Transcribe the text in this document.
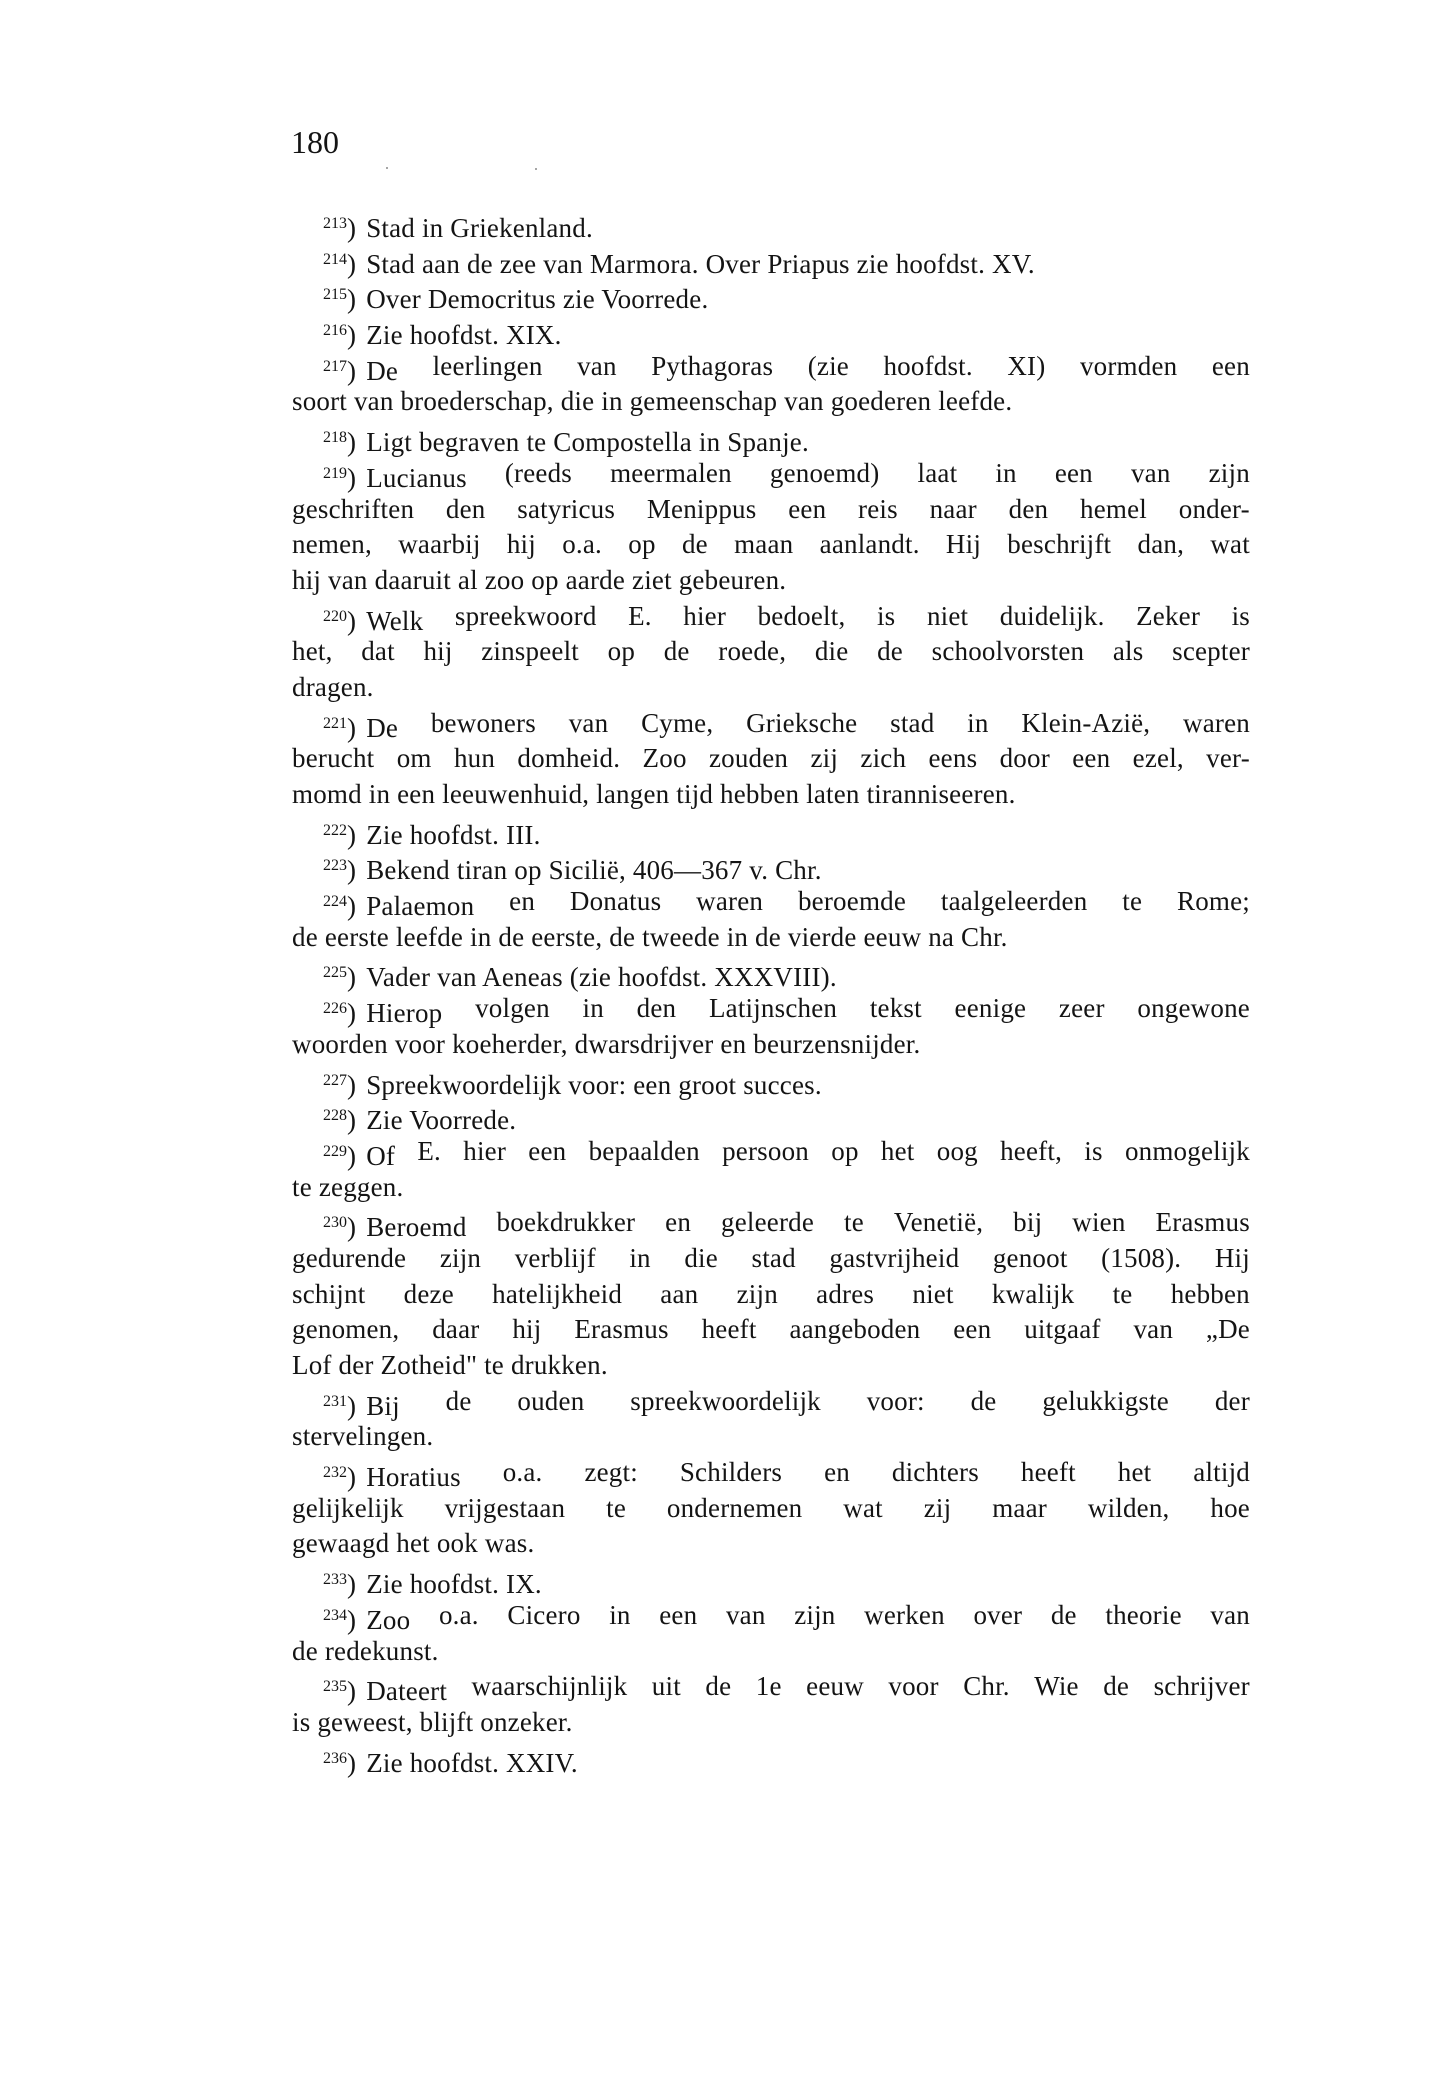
180
$^{213}$) Stad in Griekenland.
$^{214}$) Stad aan de zee van Marmora. Over Priapus zie hoofdst. XV.
$^{215}$) Over Democritus zie Voorrede.
$^{216}$) Zie hoofdst. XIX.
$^{217}$) De leerlingen van Pythagoras (zie hoofdst. XI) vormden een
soort van broederschap, die in gemeenschap van goederen leefde.
$^{218}$) Ligt begraven te Compostella in Spanje.
$^{219}$) Lucianus (reeds meermalen genoemd) laat in een van zijn
geschriften den satyricus Menippus een reis naar den hemel onder-
nemen, waarbij hij o.a. op de maan aanlandt. Hij beschrijft dan, wat
hij van daaruit al zoo op aarde ziet gebeuren.
$^{220}$) Welk spreekwoord E. hier bedoelt, is niet duidelijk. Zeker is
het, dat hij zinspeelt op de roede, die de schoolvorsten als scepter
dragen.
$^{221}$) De bewoners van Cyme, Grieksche stad in Klein-Azië, waren
berucht om hun domheid. Zoo zouden zij zich eens door een ezel, ver-
momd in een leeuwenhuid, langen tijd hebben laten tiranniseeren.
$^{222}$) Zie hoofdst. III.
$^{223}$) Bekend tiran op Sicilië, 406—367 v. Chr.
$^{224}$) Palaemon en Donatus waren beroemde taalgeleerden te Rome;
de eerste leefde in de eerste, de tweede in de vierde eeuw na Chr.
$^{225}$) Vader van Aeneas (zie hoofdst. XXXVIII).
$^{226}$) Hierop volgen in den Latijnschen tekst eenige zeer ongewone
woorden voor koeherder, dwarsdrijver en beurzensnijder.
$^{227}$) Spreekwoordelijk voor: een groot succes.
$^{228}$) Zie Voorrede.
$^{229}$) Of E. hier een bepaalden persoon op het oog heeft, is onmogelijk
te zeggen.
$^{230}$) Beroemd boekdrukker en geleerde te Venetië, bij wien Erasmus
gedurende zijn verblijf in die stad gastvrijheid genoot (1508). Hij
schijnt deze hatelijkheid aan zijn adres niet kwalijk te hebben
genomen, daar hij Erasmus heeft aangeboden een uitgaaf van „De
Lof der Zotheid" te drukken.
$^{231}$) Bij de ouden spreekwoordelijk voor: de gelukkigste der
stervelingen.
$^{232}$) Horatius o.a. zegt: Schilders en dichters heeft het altijd
gelijkelijk vrijgestaan te ondernemen wat zij maar wilden, hoe
gewaagd het ook was.
$^{233}$) Zie hoofdst. IX.
$^{234}$) Zoo o.a. Cicero in een van zijn werken over de theorie van
de redekunst.
$^{235}$) Dateert waarschijnlijk uit de 1e eeuw voor Chr. Wie de schrijver
is geweest, blijft onzeker.
$^{236}$) Zie hoofdst. XXIV.
